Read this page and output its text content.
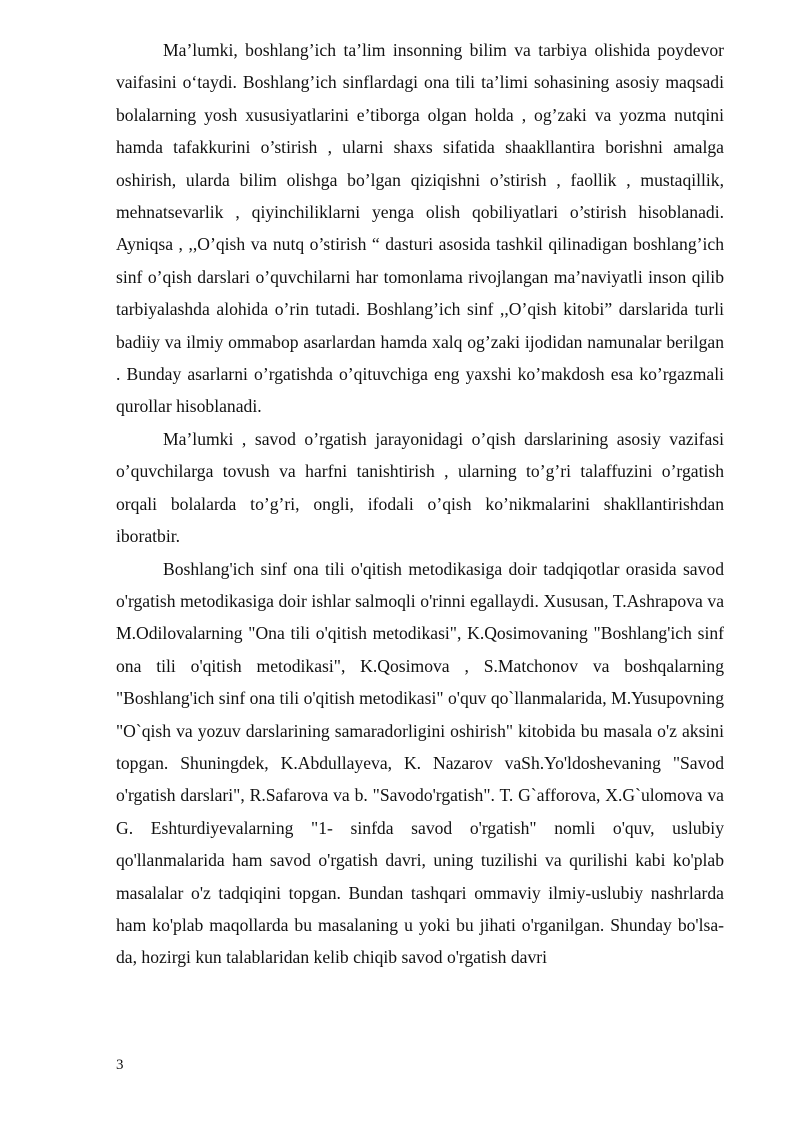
Ma’lumki, boshlang’ich ta’lim insonning bilim va tarbiya olishida poydevor vaifasini o‘taydi. Boshlang’ich sinflardagi ona tili ta’limi sohasining asosiy maqsadi bolalarning yosh xususiyatlarini e’tiborga olgan holda , og’zaki va yozma nutqini hamda tafakkurini o’stirish , ularni shaxs sifatida shaakllantira borishni amalga oshirish, ularda bilim olishga bo’lgan qiziqishni o’stirish , faollik , mustaqillik, mehnatsevarlik , qiyinchiliklarni yenga olish qobiliyatlari o’stirish hisoblanadi. Ayniqsa , ,,O’qish va nutq o’stirish “ dasturi asosida tashkil qilinadigan boshlang’ich sinf o’qish darslari o’quvchilarni har tomonlama rivojlangan ma’naviyatli inson qilib tarbiyalashda alohida o’rin tutadi. Boshlang’ich sinf ,,O’qish kitobi” darslarida turli badiiy va ilmiy ommabop asarlardan hamda xalq og’zaki ijodidan namunalar berilgan . Bunday asarlarni o’rgatishda o’qituvchiga eng yaxshi ko’makdosh esa ko’rgazmali qurollar hisoblanadi.

Ma’lumki , savod o’rgatish jarayonidagi o’qish darslarining asosiy vazifasi o’quvchilarga tovush va harfni tanishtirish , ularning to’g’ri talaffuzini o’rgatish orqali bolalarda to’g’ri, ongli, ifodali o’qish ko’nikmalarini shakllantirishdan iboratbir.

Boshlang'ich sinf ona tili o'qitish metodikasiga doir tadqiqotlar orasida savod o'rgatish metodikasiga doir ishlar salmoqli o'rinni egallaydi. Xususan, T.Ashrapova va M.Odilovalarning "Ona tili o'qitish metodikasi", K.Qosimovaning "Boshlang'ich sinf ona tili o'qitish metodikasi", K.Qosimova , S.Matchonov va boshqalarning "Boshlang'ich sinf ona tili o'qitish metodikasi" o'quv qo`llanmalarida, M.Yusupovning "O`qish va yozuv darslarining samaradorligini oshirish" kitobida bu masala o'z aksini topgan. Shuningdek, K.Abdullayeva, K. Nazarov vaSh.Yo'ldoshevaning "Savod o'rgatish darslari", R.Safarova va b. "Savodo'rgatish". T. G`afforova, X.G`ulomova va G. Eshturdiyevalarning "1- sinfda savod o'rgatish" nomli o'quv, uslubiy qo'llanmalarida ham savod o'rgatish davri, uning tuzilishi va qurilishi kabi ko'plab masalalar o'z tadqiqini topgan. Bundan tashqari ommaviy ilmiy-uslubiy nashrlarda ham ko'plab maqollarda bu masalaning u yoki bu jihati o'rganilgan. Shunday bo'lsa-da, hozirgi kun talablaridan kelib chiqib savod o'rgatish davri

3
